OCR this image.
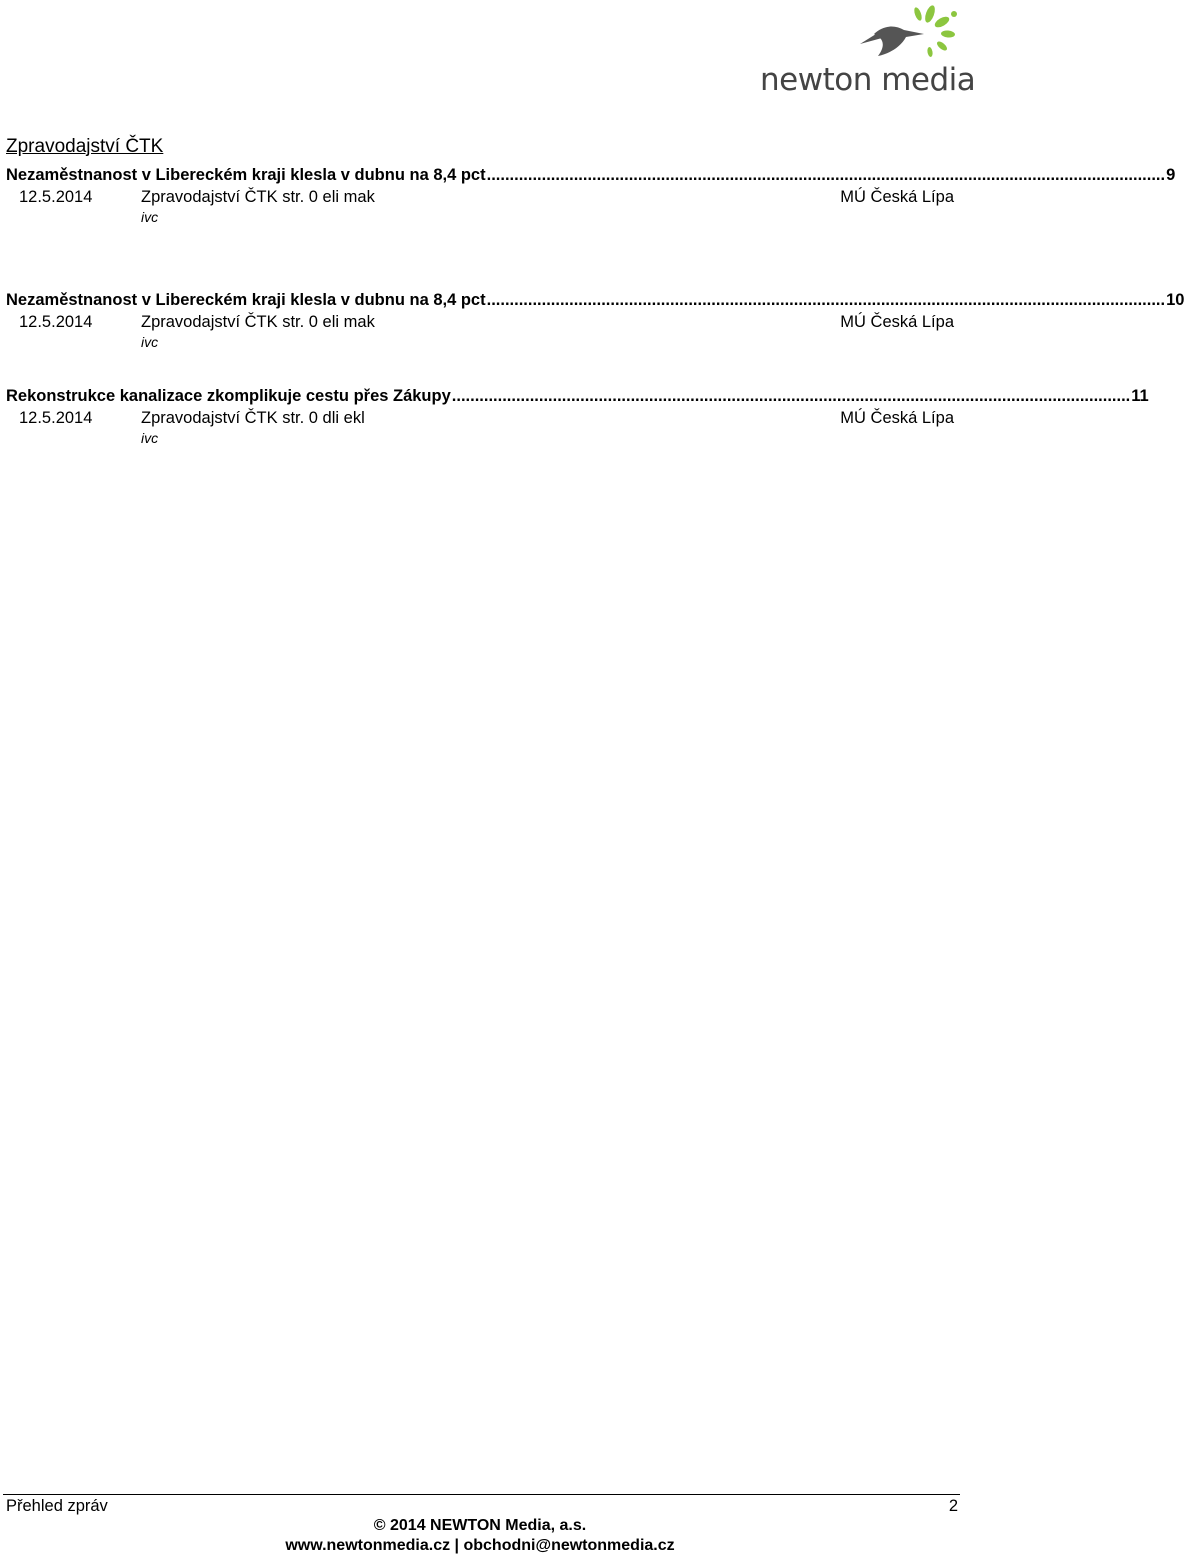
newton media
Zpravodajství ČTK
Nezaměstnanost v Libereckém kraji klesla v dubnu na 8,4 pct .................................................................................................................................................... 9
12.5.2014	Zpravodajství ČTK str. 0 eli mak	MÚ Česká Lípa
ivc
Nezaměstnanost v Libereckém kraji klesla v dubnu na 8,4 pct .................................................................................................................................................... 10
12.5.2014	Zpravodajství ČTK str. 0 eli mak	MÚ Česká Lípa
ivc
Rekonstrukce kanalizace zkomplikuje cestu přes Zákupy .................................................................................................................................................... 11
12.5.2014	Zpravodajství ČTK str. 0 dli ekl	MÚ Česká Lípa
ivc
Přehled zpráv	2
© 2014 NEWTON Media, a.s.
www.newtonmedia.cz | obchodni@newtonmedia.cz
